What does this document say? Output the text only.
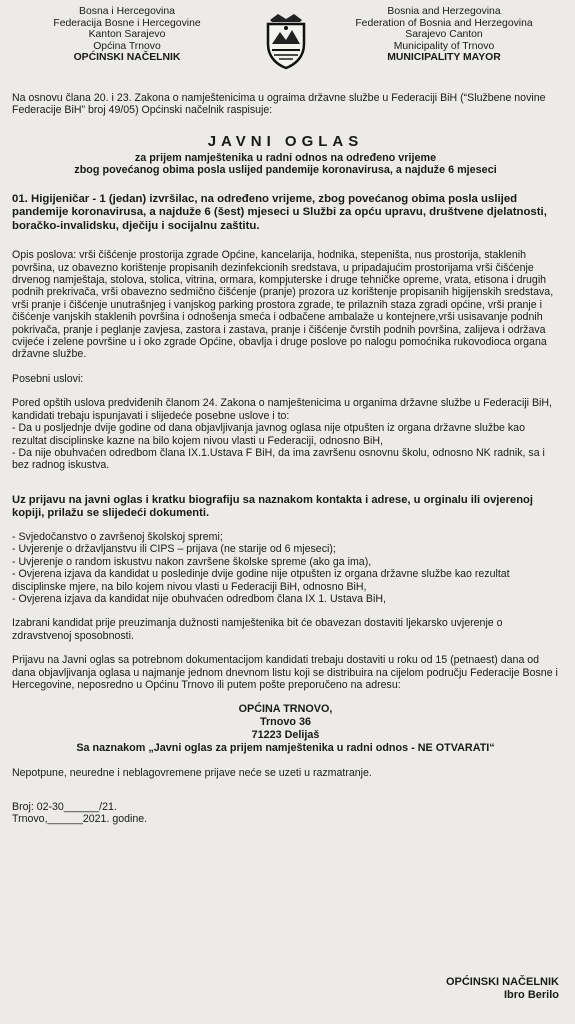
Bosna i Hercegovina
Federacija Bosne i Hercegovine
Kanton Sarajevo
Općina Trnovo
OPĆINSKI NAČELNIK
Bosnia and Herzegovina
Federation of Bosnia and Herzegovina
Sarajevo Canton
Municipality of Trnovo
MUNICIPALITY MAYOR

Na osnovu člana 20. i 23. Zakona o namještenicima u ograima državne službe u Federaciji BiH (“Službene novine Federacije BiH” broj 49/05) Općinski načelnik raspisuje:

JAVNI OGLAS
za prijem namještenika u radni odnos na određeno vrijeme
zbog povećanog obima posla uslijed pandemije koronavirusa, a najduže 6 mjeseci

01. Higijeničar - 1 (jedan) izvršilac, na određeno vrijeme, zbog povećanog obima posla uslijed pandemije koronavirusa, a najduže 6 (šest) mjeseci u Službi za opću upravu, društvene djelatnosti, boračko-invalidsku, dječiju i socijalnu zaštitu.

Opis poslova: vrši čišćenje prostorija zgrade Općine, kancelarija, hodnika, stepeništa, nus prostorija, staklenih površina, uz obavezno korištenje propisanih dezinfekcionih sredstava, u pripadajućim prostorijama vrši čišćenje drvenog namještaja, stolova, stolica, vitrina, ormara, kompjuterske i druge tehničke opreme, vrata, etisona i drugih podnih prekrivača, vrši obavezno sedmično čišćenje (pranje) prozora uz korištenje propisanih higijenskih sredstava, vrši pranje i čišćenje unutrašnjeg i vanjskog parking prostora zgrade, te prilaznih staza zgradi općine, vrši pranje i čišćenje vanjskih staklenih površina i odnošenja smeća i odbačene ambalaže u kontejnere,vrši usisavanje podnih pokrivača, pranje i peglanje zavjesa, zastora i zastava, pranje i čišćenje čvrstih podnih površina, zalijeva i održava cvijeće i zelene površine u i oko zgrade Općine, obavlja i druge poslove po nalogu pomoćnika rukovodioca organa državne službe.

Posebni uslovi:

Pored opštih uslova predviđenih članom 24. Zakona o namještenicima u organima državne službe u Federaciji BiH, kandidati trebaju ispunjavati i slijedeće posebne uslove i to:

- Da u posljednje dvije godine od dana objavljivanja javnog oglasa nije otpušten iz organa državne službe kao rezultat disciplinske kazne na bilo kojem nivou vlasti u Federaciji, odnosno BiH,
- Da nije obuhvaćen odredbom člana IX.1.Ustava F BiH, da ima završenu osnovnu školu, odnosno NK radnik, sa i bez radnog iskustva.

Uz prijavu na javni oglas i kratku biografiju sa naznakom kontakta i adrese, u orginalu ili ovjerenoj kopiji, prilažu se slijedeći dokumenti.

- Svjedočanstvo o završenoj školskoj spremi;
- Uvjerenje o državljanstvu ili CIPS – prijava (ne starije od 6 mjeseci);
- Uvjerenje o random iskustvu nakon završene školske spreme (ako ga ima),
- Ovjerena izjava da kandidat u posledinje dvije godine nije otpušten iz organa državne službe kao rezultat disciplinske mjere, na bilo kojem nivou vlasti u Federaciji BiH, odnosno BiH,
- Ovjerena izjava da kandidat nije obuhvaćen odredbom člana IX 1. Ustava BiH,

Izabrani kandidat prije preuzimanja dužnosti namještenika bit će obavezan dostaviti ljekarsko uvjerenje o zdravstvenoj sposobnosti.

Prijavu na Javni oglas sa potrebnom dokumentacijom kandidati trebaju dostaviti u roku od 15 (petnaest) dana od dana objavljivanja oglasa u najmanje jednom dnevnom listu koji se distribuira na cijelom području Federacije Bosne i Hercegovine, neposredno u Općinu Trnovo ili putem pošte preporučeno na adresu:

OPĆINA TRNOVO,
Trnovo 36
71223 Delijaš
Sa naznakom „Javni oglas za prijem namještenika u radni odnos - NE OTVARATI“

Nepotpune, neuredne i neblagovremene prijave neće se uzeti u razmatranje.

Broj: 02-30______/21.

Trnovo,______2021. godine.

OPĆINSKI NAČELNIK
Ibro Berilo
